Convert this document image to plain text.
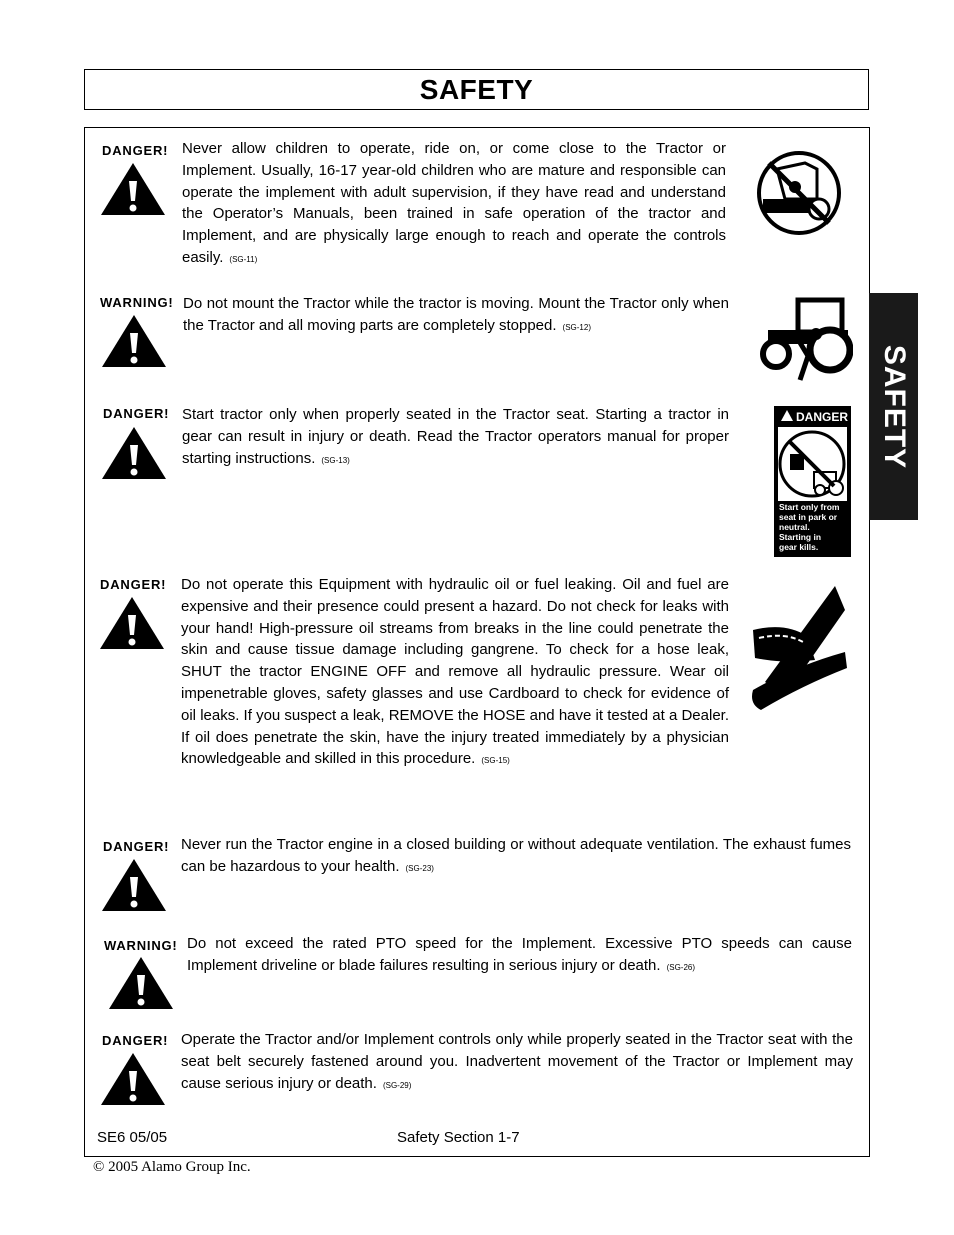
SAFETY
SAFETY
DANGER! Never allow children to operate, ride on, or come close to the Tractor or Implement. Usually, 16-17 year-old children who are mature and responsible can operate the implement with adult supervision, if they have read and understand the Operator’s Manuals, been trained in safe operation of the tractor and Implement, and are physically large enough to reach and operate the controls easily. (SG-11)
WARNING! Do not mount the Tractor while the tractor is moving. Mount the Tractor only when the Tractor and all moving parts are completely stopped. (SG-12)
DANGER! Start tractor only when properly seated in the Tractor seat. Starting a tractor in gear can result in injury or death. Read the Tractor operators manual for proper starting instructions. (SG-13)
DANGER
Start only from
seat in park or
neutral.
Starting in
gear kills.
DANGER! Do not operate this Equipment with hydraulic oil or fuel leaking. Oil and fuel are expensive and their presence could present a hazard. Do not check for leaks with your hand! High-pressure oil streams from breaks in the line could penetrate the skin and cause tissue damage including gangrene. To check for a hose leak, SHUT the tractor ENGINE OFF and remove all hydraulic pressure. Wear oil impenetrable gloves, safety glasses and use Cardboard to check for evidence of oil leaks. If you suspect a leak, REMOVE the HOSE and have it tested at a Dealer. If oil does penetrate the skin, have the injury treated immediately by a physician knowledgeable and skilled in this procedure. (SG-15)
DANGER! Never run the Tractor engine in a closed building or without adequate ventilation. The exhaust fumes can be hazardous to your health. (SG-23)
WARNING! Do not exceed the rated PTO speed for the Implement. Excessive PTO speeds can cause Implement driveline or blade failures resulting in serious injury or death. (SG-26)
DANGER! Operate the Tractor and/or Implement controls only while properly seated in the Tractor seat with the seat belt securely fastened around you. Inadvertent movement of the Tractor or Implement may cause serious injury or death. (SG-29)
SE6 05/05	Safety Section 1-7
© 2005 Alamo Group Inc.
